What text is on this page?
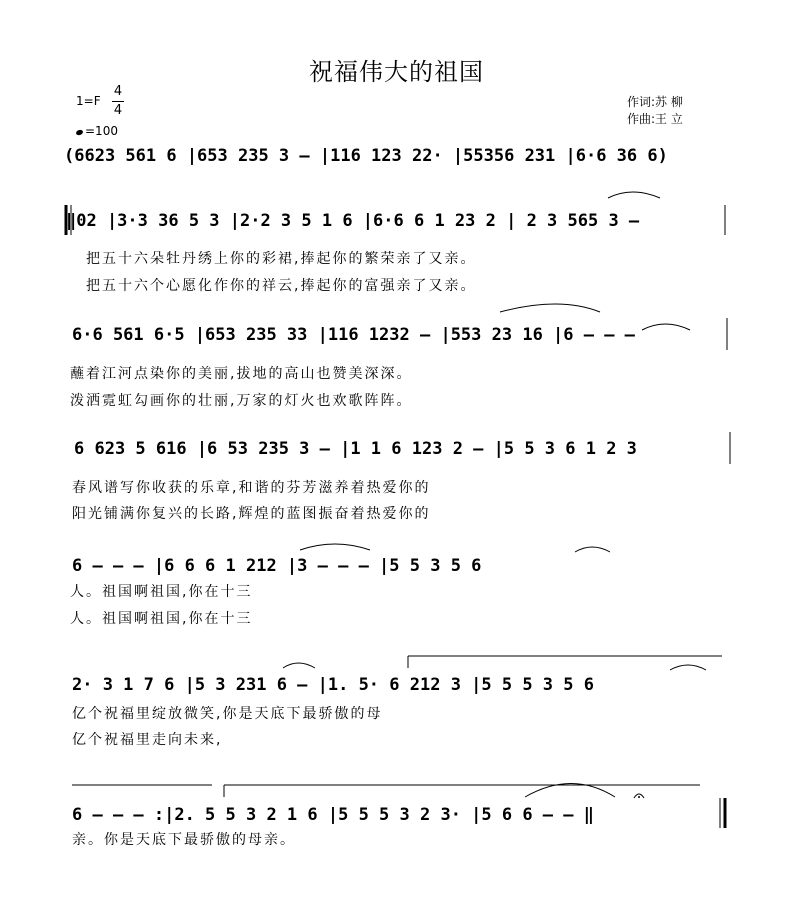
祝福伟大的祖国
1=F
4
4
=100
作词:苏 柳
作曲:王 立
(6623 561 6 |653 235 3 – |116 123 22· |55356 231 |6·6 36 6)
‖02 |3·3 36 5 3 |2·2 3 5 1 6 |6·6 6 1 23 2 | 2 3 565 3 –
把五十六朵牡丹绣上你的彩裙,捧起你的繁荣亲了又亲。
把五十六个心愿化作你的祥云,捧起你的富强亲了又亲。
6·6 561 6·5 |653 235 33 |116 1232 – |553 23 16 |6 – – –
蘸着江河点染你的美丽,拔地的高山也赞美深深。
泼洒霓虹勾画你的壮丽,万家的灯火也欢歌阵阵。
6 623 5 616 |6 53 235 3 – |1 1 6 123 2 – |5 5 3 6 1 2 3
春风谱写你收获的乐章,和谐的芬芳滋养着热爱你的
阳光铺满你复兴的长路,辉煌的蓝图振奋着热爱你的
6 – – – |6 6 6 1 212 |3 – – – |5 5 3 5 6
人。祖国啊祖国,你在十三
人。祖国啊祖国,你在十三
2· 3 1 7 6 |5 3 231 6 – |1. 5· 6 212 3 |5 5 5 3 5 6
亿个祝福里绽放微笑,你是天底下最骄傲的母
亿个祝福里走向未来,
6 – – – :|2. 5 5 3 2 1 6 |5 5 5 3 2 3· |5 6 6 – – ‖
亲。你是天底下最骄傲的母亲。
